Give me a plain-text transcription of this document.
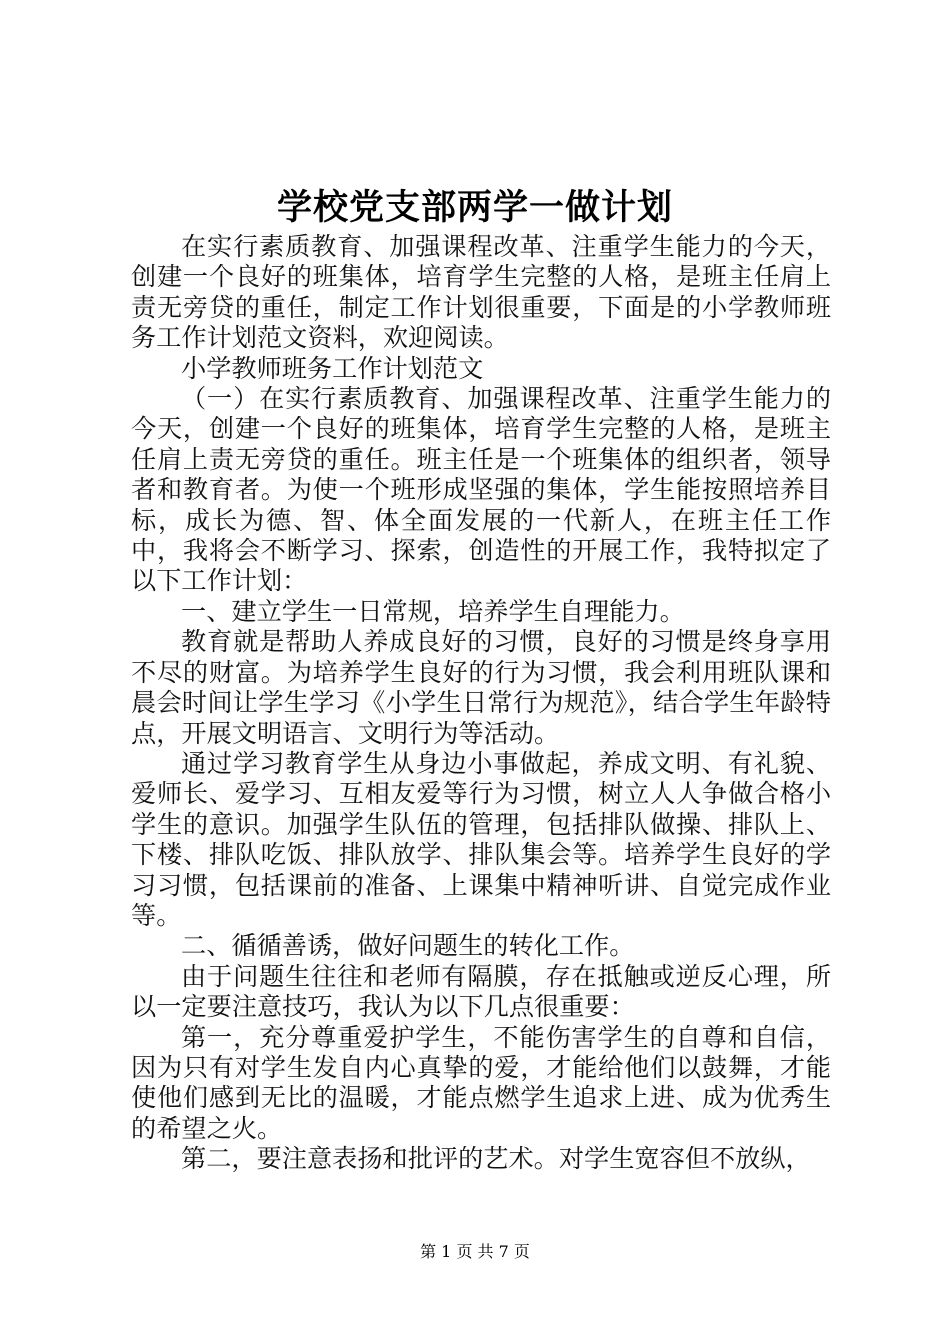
学校党支部两学一做计划

在实行素质教育、加强课程改革、注重学生能力的今天，创建一个良好的班集体，培育学生完整的人格，是班主任肩上责无旁贷的重任，制定工作计划很重要，下面是的小学教师班务工作计划范文资料，欢迎阅读。

小学教师班务工作计划范文

（一）在实行素质教育、加强课程改革、注重学生能力的今天，创建一个良好的班集体，培育学生完整的人格，是班主任肩上责无旁贷的重任。班主任是一个班集体的组织者，领导者和教育者。为使一个班形成坚强的集体，学生能按照培养目标，成长为德、智、体全面发展的一代新人，在班主任工作中，我将会不断学习、探索，创造性的开展工作，我特拟定了以下工作计划：

一、建立学生一日常规，培养学生自理能力。

教育就是帮助人养成良好的习惯，良好的习惯是终身享用不尽的财富。为培养学生良好的行为习惯，我会利用班队课和晨会时间让学生学习《小学生日常行为规范》，结合学生年龄特点，开展文明语言、文明行为等活动。

通过学习教育学生从身边小事做起，养成文明、有礼貌、爱师长、爱学习、互相友爱等行为习惯，树立人人争做合格小学生的意识。加强学生队伍的管理，包括排队做操、排队上、下楼、排队吃饭、排队放学、排队集会等。培养学生良好的学习习惯，包括课前的准备、上课集中精神听讲、自觉完成作业等。

二、循循善诱，做好问题生的转化工作。

由于问题生往往和老师有隔膜，存在抵触或逆反心理，所以一定要注意技巧，我认为以下几点很重要：

第一，充分尊重爱护学生，不能伤害学生的自尊和自信，因为只有对学生发自内心真挚的爱，才能给他们以鼓舞，才能使他们感到无比的温暖，才能点燃学生追求上进、成为优秀生的希望之火。

第二，要注意表扬和批评的艺术。对学生宽容但不放纵，

第 1 页 共 7 页
